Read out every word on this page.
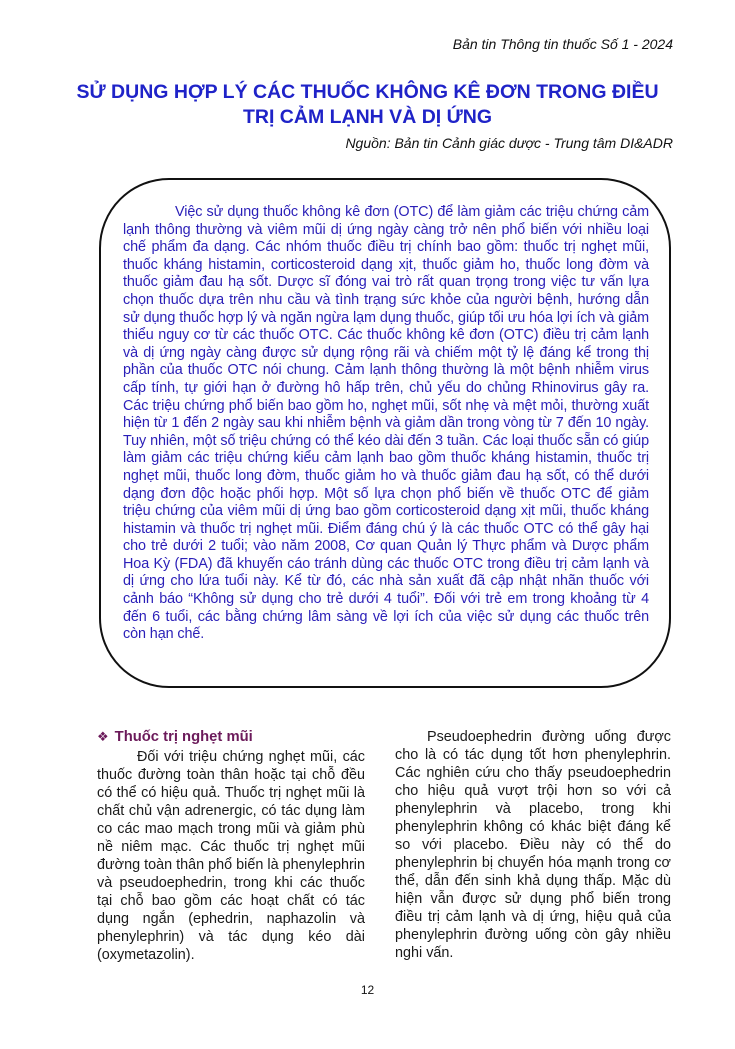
Bản tin Thông tin thuốc Số 1 - 2024
SỬ DỤNG HỢP LÝ CÁC THUỐC KHÔNG KÊ ĐƠN TRONG ĐIỀU TRỊ CẢM LẠNH VÀ DỊ ỨNG
Nguồn: Bản tin Cảnh giác dược - Trung tâm DI&ADR

Việc sử dụng thuốc không kê đơn (OTC) để làm giảm các triệu chứng cảm lạnh thông thường và viêm mũi dị ứng ngày càng trở nên phổ biến với nhiều loại chế phẩm đa dạng. Các nhóm thuốc điều trị chính bao gồm: thuốc trị nghẹt mũi, thuốc kháng histamin, corticosteroid dạng xịt, thuốc giảm ho, thuốc long đờm và thuốc giảm đau hạ sốt. Dược sĩ đóng vai trò rất quan trọng trong việc tư vấn lựa chọn thuốc dựa trên nhu cầu và tình trạng sức khỏe của người bệnh, hướng dẫn sử dụng thuốc hợp lý và ngăn ngừa lạm dụng thuốc, giúp tối ưu hóa lợi ích và giảm thiểu nguy cơ từ các thuốc OTC. Các thuốc không kê đơn (OTC) điều trị cảm lạnh và dị ứng ngày càng được sử dụng rộng rãi và chiếm một tỷ lệ đáng kể trong thị phần của thuốc OTC nói chung. Cảm lạnh thông thường là một bệnh nhiễm virus cấp tính, tự giới hạn ở đường hô hấp trên, chủ yếu do chủng Rhinovirus gây ra. Các triệu chứng phổ biến bao gồm ho, nghẹt mũi, sốt nhẹ và mệt mỏi, thường xuất hiện từ 1 đến 2 ngày sau khi nhiễm bệnh và giảm dần trong vòng từ 7 đến 10 ngày. Tuy nhiên, một số triệu chứng có thể kéo dài đến 3 tuần. Các loại thuốc sẵn có giúp làm giảm các triệu chứng kiểu cảm lạnh bao gồm thuốc kháng histamin, thuốc trị nghẹt mũi, thuốc long đờm, thuốc giảm ho và thuốc giảm đau hạ sốt, có thể dưới dạng đơn độc hoặc phối hợp. Một số lựa chọn phổ biến về thuốc OTC để giảm triệu chứng của viêm mũi dị ứng bao gồm corticosteroid dạng xịt mũi, thuốc kháng histamin và thuốc trị nghẹt mũi. Điểm đáng chú ý là các thuốc OTC có thể gây hại cho trẻ dưới 2 tuổi; vào năm 2008, Cơ quan Quản lý Thực phẩm và Dược phẩm Hoa Kỳ (FDA) đã khuyến cáo tránh dùng các thuốc OTC trong điều trị cảm lạnh và dị ứng cho lứa tuổi này. Kể từ đó, các nhà sản xuất đã cập nhật nhãn thuốc với cảnh báo “Không sử dụng cho trẻ dưới 4 tuổi”. Đối với trẻ em trong khoảng từ 4 đến 6 tuổi, các bằng chứng lâm sàng về lợi ích của việc sử dụng các thuốc trên còn hạn chế.

❖ Thuốc trị nghẹt mũi

Đối với triệu chứng nghẹt mũi, các thuốc đường toàn thân hoặc tại chỗ đều có thể có hiệu quả. Thuốc trị nghẹt mũi là chất chủ vận adrenergic, có tác dụng làm co các mao mạch trong mũi và giảm phù nề niêm mạc. Các thuốc trị nghẹt mũi đường toàn thân phổ biến là phenylephrin và pseudoephedrin, trong khi các thuốc tại chỗ bao gồm các hoạt chất có tác dụng ngắn (ephedrin, naphazolin và phenylephrin) và tác dụng kéo dài (oxymetazolin).

Pseudoephedrin đường uống được cho là có tác dụng tốt hơn phenylephrin. Các nghiên cứu cho thấy pseudoephedrin cho hiệu quả vượt trội hơn so với cả phenylephrin và placebo, trong khi phenylephrin không có khác biệt đáng kể so với placebo. Điều này có thể do phenylephrin bị chuyển hóa mạnh trong cơ thể, dẫn đến sinh khả dụng thấp. Mặc dù hiện vẫn được sử dụng phổ biến trong điều trị cảm lạnh và dị ứng, hiệu quả của phenylephrin đường uống còn gây nhiều nghi vấn.

12
